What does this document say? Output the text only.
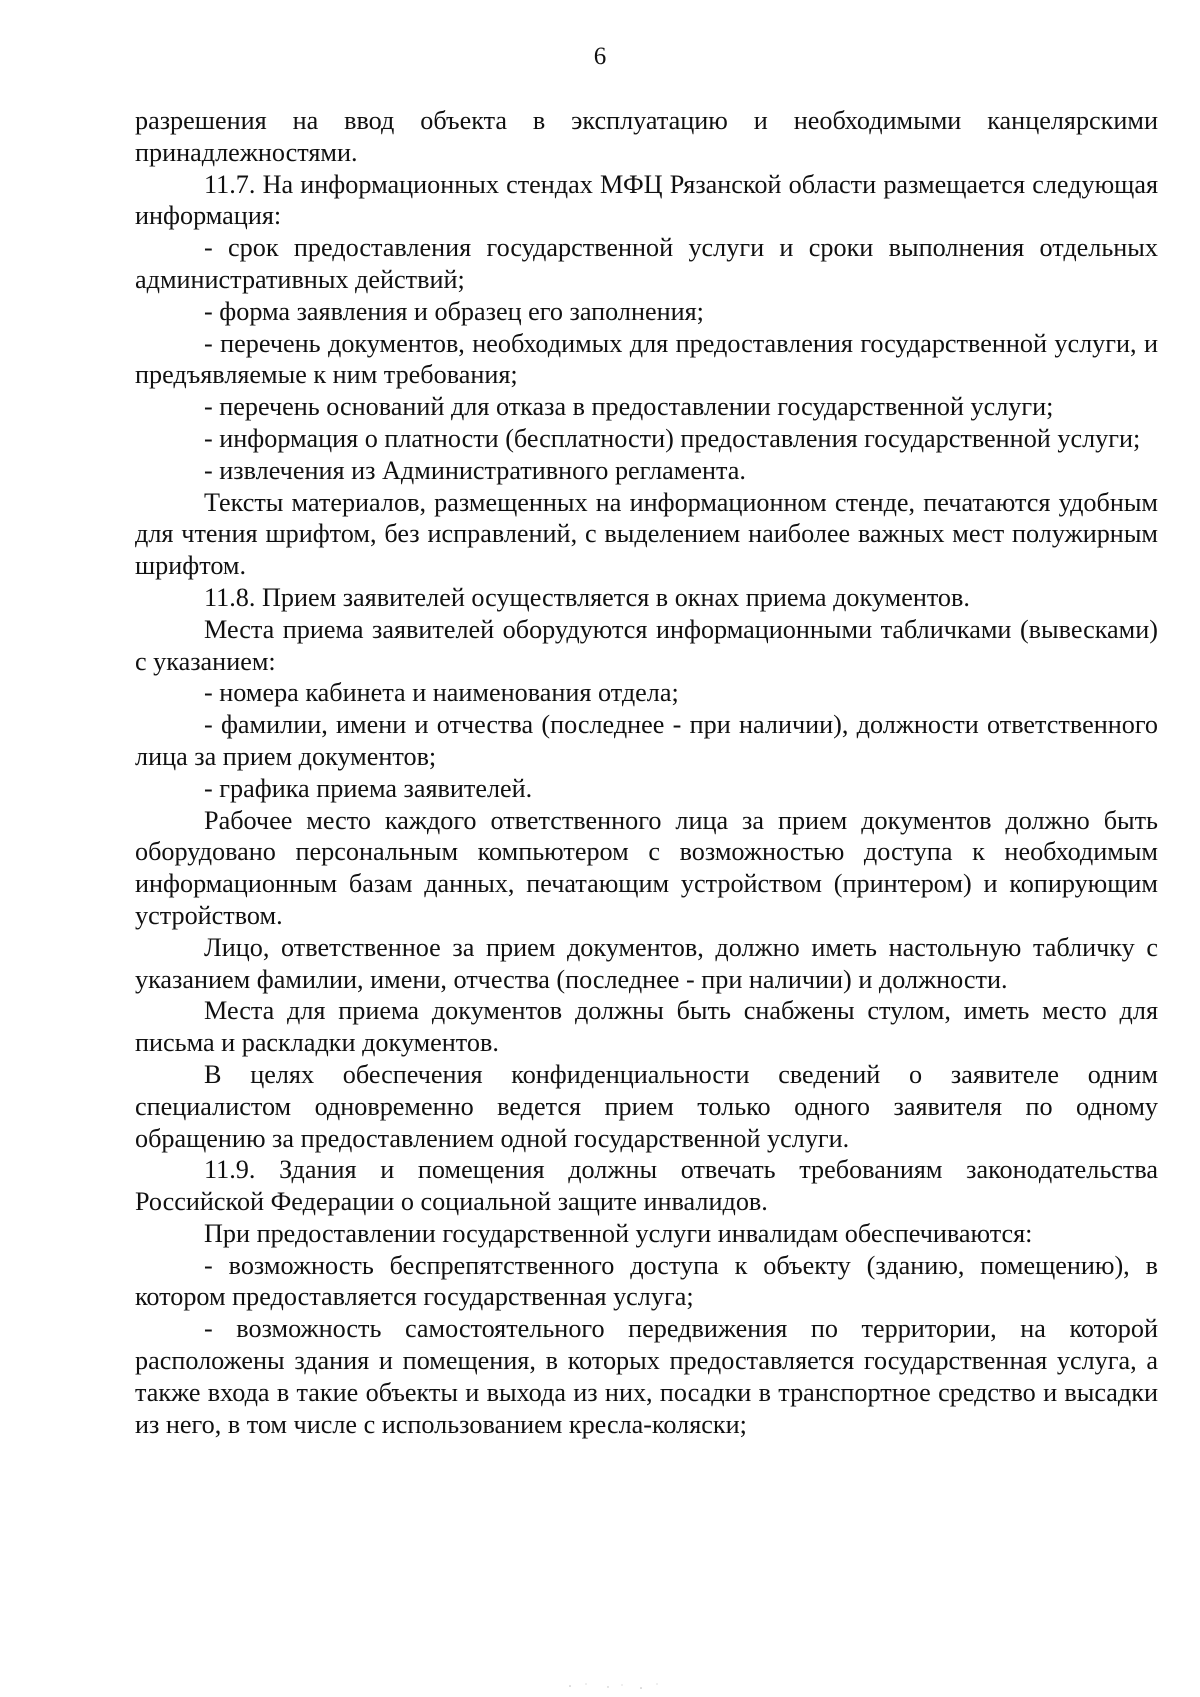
6

разрешения на ввод объекта в эксплуатацию и необходимыми канцелярскими принадлежностями.

11.7. На информационных стендах МФЦ Рязанской области размещается следующая информация:

- срок предоставления государственной услуги и сроки выполнения отдельных административных действий;

- форма заявления и образец его заполнения;

- перечень документов, необходимых для предоставления государственной услуги, и предъявляемые к ним требования;

- перечень оснований для отказа в предоставлении государственной услуги;

- информация о платности (бесплатности) предоставления государственной услуги;

- извлечения из Административного регламента.

Тексты материалов, размещенных на информационном стенде, печатаются удобным для чтения шрифтом, без исправлений, с выделением наиболее важных мест полужирным шрифтом.

11.8. Прием заявителей осуществляется в окнах приема документов.

Места приема заявителей оборудуются информационными табличками (вывесками) с указанием:

- номера кабинета и наименования отдела;

- фамилии, имени и отчества (последнее - при наличии), должности ответственного лица за прием документов;

- графика приема заявителей.

Рабочее место каждого ответственного лица за прием документов должно быть оборудовано персональным компьютером с возможностью доступа к необходимым информационным базам данных, печатающим устройством (принтером) и копирующим устройством.

Лицо, ответственное за прием документов, должно иметь настольную табличку с указанием фамилии, имени, отчества (последнее - при наличии) и должности.

Места для приема документов должны быть снабжены стулом, иметь место для письма и раскладки документов.

В целях обеспечения конфиденциальности сведений о заявителе одним специалистом одновременно ведется прием только одного заявителя по одному обращению за предоставлением одной государственной услуги.

11.9. Здания и помещения должны отвечать требованиям законодательства Российской Федерации о социальной защите инвалидов.

При предоставлении государственной услуги инвалидам обеспечиваются:

- возможность беспрепятственного доступа к объекту (зданию, помещению), в котором предоставляется государственная услуга;

- возможность самостоятельного передвижения по территории, на которой расположены здания и помещения, в которых предоставляется государственная услуга, а также входа в такие объекты и выхода из них, посадки в транспортное средство и высадки из него, в том числе с использованием кресла-коляски;
